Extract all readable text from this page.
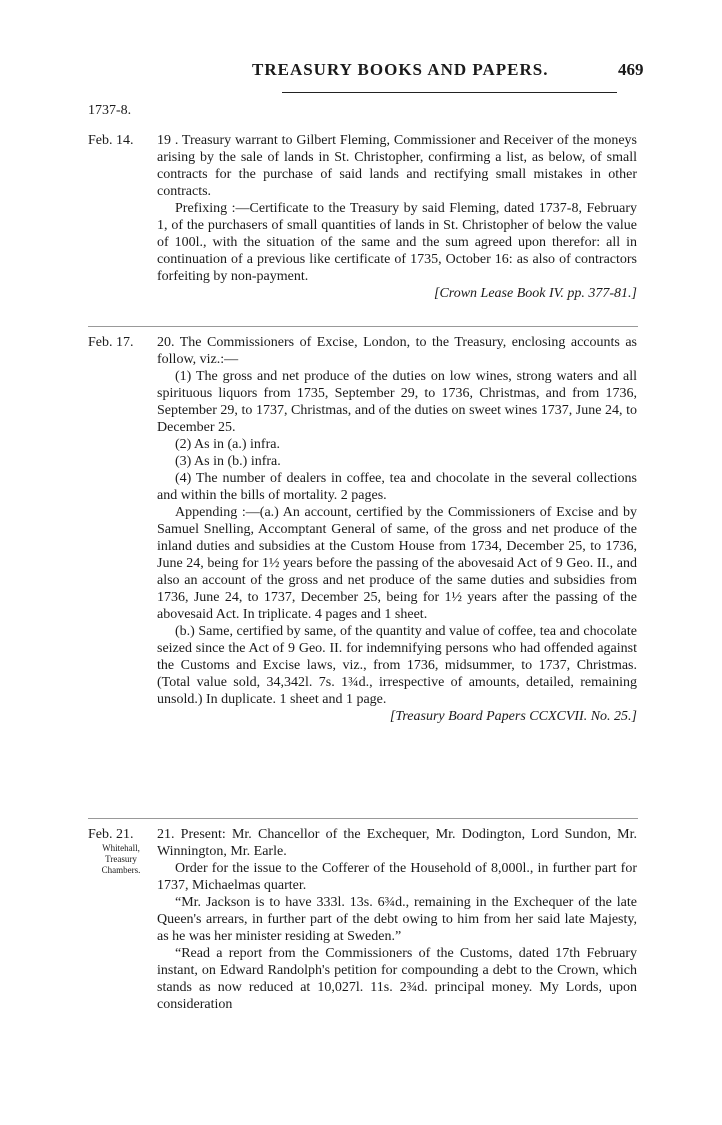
TREASURY BOOKS AND PAPERS.	469
1737-8.
Feb. 14. 19 . Treasury warrant to Gilbert Fleming, Commissioner and Receiver of the moneys arising by the sale of lands in St. Christopher, confirming a list, as below, of small contracts for the purchase of said lands and rectifying small mistakes in other contracts.

Prefixing :—Certificate to the Treasury by said Fleming, dated 1737-8, February 1, of the purchasers of small quantities of lands in St. Christopher of below the value of 100l., with the situation of the same and the sum agreed upon therefor: all in continuation of a previous like certificate of 1735, October 16: as also of contractors forfeiting by non-payment.

[Crown Lease Book IV. pp. 377-81.]

Feb. 17. 20. The Commissioners of Excise, London, to the Treasury, enclosing accounts as follow, viz.:—

(1) The gross and net produce of the duties on low wines, strong waters and all spirituous liquors from 1735, September 29, to 1736, Christmas, and from 1736, September 29, to 1737, Christmas, and of the duties on sweet wines 1737, June 24, to December 25.

(2) As in (a.) infra.

(3) As in (b.) infra.

(4) The number of dealers in coffee, tea and chocolate in the several collections and within the bills of mortality. 2 pages.

Appending :—(a.) An account, certified by the Commissioners of Excise and by Samuel Snelling, Accomptant General of same, of the gross and net produce of the inland duties and subsidies at the Custom House from 1734, December 25, to 1736, June 24, being for 1½ years before the passing of the abovesaid Act of 9 Geo. II., and also an account of the gross and net produce of the same duties and subsidies from 1736, June 24, to 1737, December 25, being for 1½ years after the passing of the abovesaid Act. In triplicate. 4 pages and 1 sheet.

(b.) Same, certified by same, of the quantity and value of coffee, tea and chocolate seized since the Act of 9 Geo. II. for indemnifying persons who had offended against the Customs and Excise laws, viz., from 1736, midsummer, to 1737, Christmas. (Total value sold, 34,342l. 7s. 1¾d., irrespective of amounts, detailed, remaining unsold.) In duplicate. 1 sheet and 1 page.

[Treasury Board Papers CCXCVII. No. 25.]

Feb. 21.
Whitehall, Treasury Chambers.

21. Present: Mr. Chancellor of the Exchequer, Mr. Dodington, Lord Sundon, Mr. Winnington, Mr. Earle.

Order for the issue to the Cofferer of the Household of 8,000l., in further part for 1737, Michaelmas quarter.

“Mr. Jackson is to have 333l. 13s. 6¾d., remaining in the Exchequer of the late Queen's arrears, in further part of the debt owing to him from her said late Majesty, as he was her minister residing at Sweden.”

“Read a report from the Commissioners of the Customs, dated 17th February instant, on Edward Randolph's petition for compounding a debt to the Crown, which stands as now reduced at 10,027l. 11s. 2¾d. principal money. My Lords, upon consideration
